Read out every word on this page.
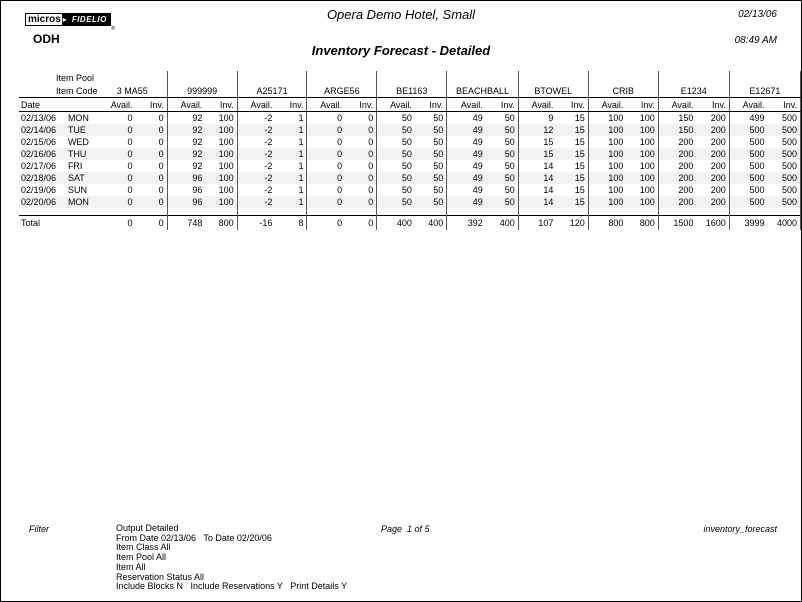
micros ▸ FIDELIO
®
ODH
Opera Demo Hotel, Small
Inventory Forecast - Detailed
02/13/06
08:49 AM
Item Pool																					
Item Code		3 MA55		999999		A25171		ARGE56		BE1163		BEACHBALL		BTOWEL		CRIB		E1234		E12671	
Date		Avail.	Inv.	Avail.	Inv.	Avail.	Inv.	Avail.	Inv.	Avail.	Inv.	Avail.	Inv.	Avail.	Inv.	Avail.	Inv.	Avail.	Inv.	Avail.	Inv.
02/13/06	MON	0	0	92	100	-2	1	0	0	50	50	49	50	9	15	100	100	150	200	499	500
02/14/06	TUE	0	0	92	100	-2	1	0	0	50	50	49	50	12	15	100	100	150	200	500	500
02/15/06	WED	0	0	92	100	-2	1	0	0	50	50	49	50	15	15	100	100	200	200	500	500
02/16/06	THU	0	0	92	100	-2	1	0	0	50	50	49	50	15	15	100	100	200	200	500	500
02/17/06	FRI	0	0	92	100	-2	1	0	0	50	50	49	50	14	15	100	100	200	200	500	500
02/18/06	SAT	0	0	96	100	-2	1	0	0	50	50	49	50	14	15	100	100	200	200	500	500
02/19/06	SUN	0	0	96	100	-2	1	0	0	50	50	49	50	14	15	100	100	200	200	500	500
02/20/06	MON	0	0	96	100	-2	1	0	0	50	50	49	50	14	15	100	100	200	200	500	500

Total		0	0	748	800	-16	8	0	0	400	400	392	400	107	120	800	800	1500	1600	3999	4000
Filter	Output Detailed
From Date 02/13/06   To Date 02/20/06
Item Class All
Item Pool All
Item All
Reservation Status All
Include Blocks N   Include Reservations Y   Print Details Y
Page  1 of 5	inventory_forecast
